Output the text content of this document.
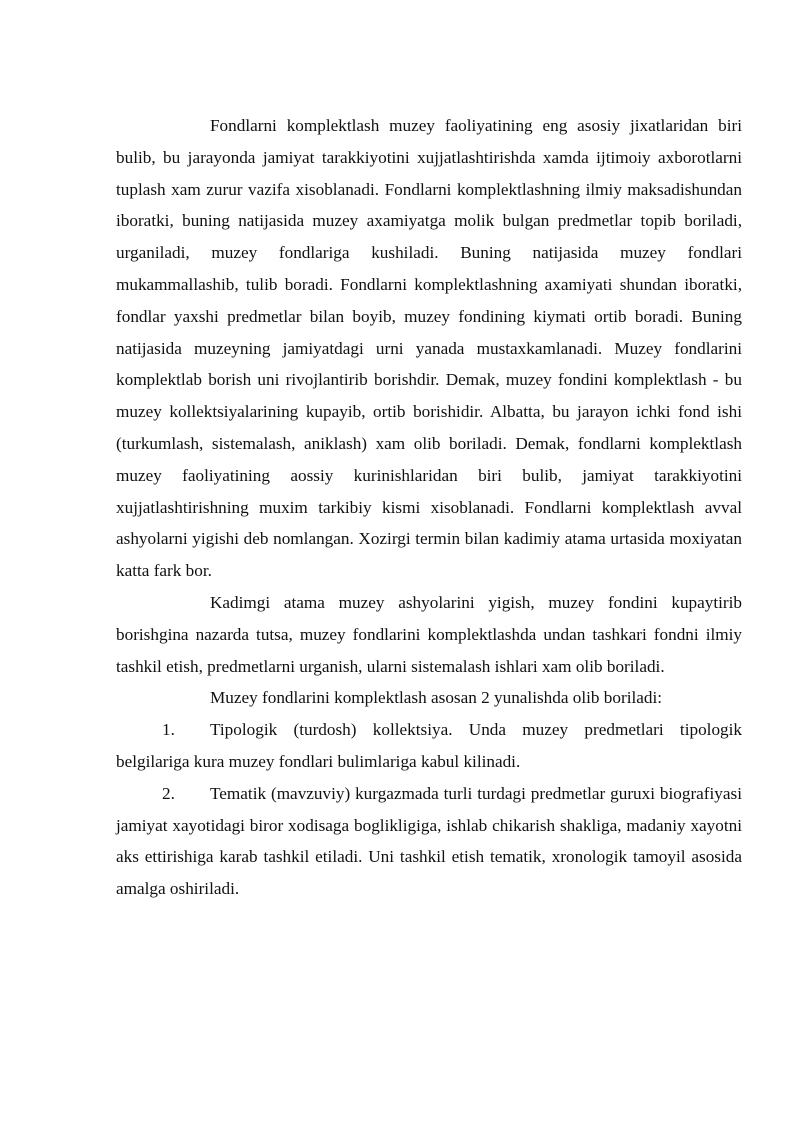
Fondlarni komplektlash muzey faoliyatining eng asosiy jixatlaridan biri bulib, bu jarayonda jamiyat tarakkiyotini xujjatlashtirishda xamda ijtimoiy axborotlarni tuplash xam zurur vazifa xisoblanadi. Fondlarni komplektlashning ilmiy maksadishundan iboratki, buning natijasida muzey axamiyatga molik bulgan predmetlar topib boriladi, urganiladi, muzey fondlariga kushiladi. Buning natijasida muzey fondlari mukammallashib, tulib boradi. Fondlarni komplektlashning axamiyati shundan iboratki, fondlar yaxshi predmetlar bilan boyib, muzey fondining kiymati ortib boradi. Buning natijasida muzeyning jamiyatdagi urni yanada mustaxkamlanadi. Muzey fondlarini komplektlab borish uni rivojlantirib borishdir. Demak, muzey fondini komplektlash - bu muzey kollektsiyalarining kupayib, ortib borishidir. Albatta, bu jarayon ichki fond ishi (turkumlash, sistemalash, aniklash) xam olib boriladi. Demak, fondlarni komplektlash muzey faoliyatining aossiy kurinishlaridan biri bulib, jamiyat tarakkiyotini xujjatlashtirishning muxim tarkibiy kismi xisoblanadi. Fondlarni komplektlash avval ashyolarni yigishi deb nomlangan. Xozirgi termin bilan kadimiy atama urtasida moxiyatan katta fark bor.

Kadimgi atama muzey ashyolarini yigish, muzey fondini kupaytirib borishgina nazarda tutsa, muzey fondlarini komplektlashda undan tashkari fondni ilmiy tashkil etish, predmetlarni urganish, ularni sistemalash ishlari xam olib boriladi.

Muzey fondlarini komplektlash asosan 2 yunalishda olib boriladi:

1. Tipologik (turdosh) kollektsiya. Unda muzey predmetlari tipologik belgilariga kura muzey fondlari bulimlariga kabul kilinadi.

2. Tematik (mavzuviy) kurgazmada turli turdagi predmetlar guruxi biografiyasi jamiyat xayotidagi biror xodisaga boglikligiga, ishlab chikarish shakliga, madaniy xayotni aks ettirishiga karab tashkil etiladi. Uni tashkil etish tematik, xronologik tamoyil asosida amalga oshiriladi.
